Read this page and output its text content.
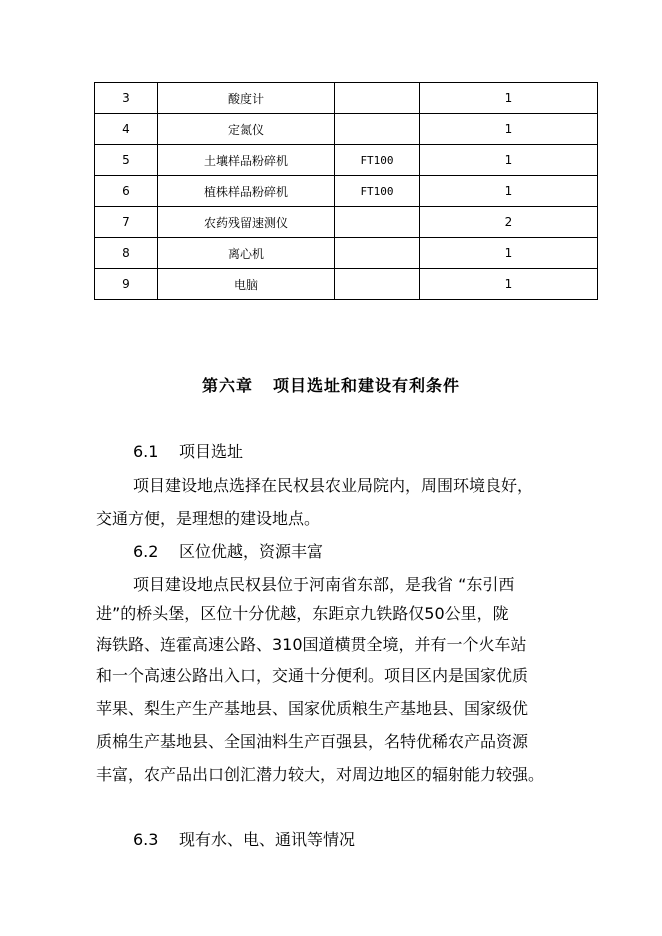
3	酸度计		1
4	定氮仪		1
5	土壤样品粉碎机	FT100	1
6	植株样品粉碎机	FT100	1
7	农药残留速测仪		2
8	离心机		1
9	电脑		1
第六章 项目选址和建设有利条件
6.1 项目选址
项目建设地点选择在民权县农业局院内，周围环境良好，
交通方便，是理想的建设地点。
6.2 区位优越，资源丰富
项目建设地点民权县位于河南省东部，是我省 “东引西
进”的桥头堡，区位十分优越，东距京九铁路仅50公里，陇
海铁路、连霍高速公路、310国道横贯全境，并有一个火车站
和一个高速公路出入口，交通十分便利。项目区内是国家优质
苹果、梨生产生产基地县、国家优质粮生产基地县、国家级优
质棉生产基地县、全国油料生产百强县，名特优稀农产品资源
丰富，农产品出口创汇潜力较大，对周边地区的辐射能力较强。
6.3 现有水、电、通讯等情况
